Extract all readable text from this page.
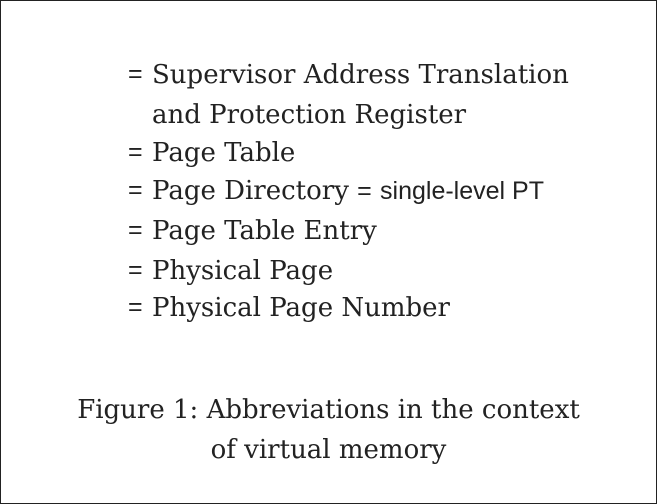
= Supervisor Address Translation
and Protection Register
= Page Table
= Page Directory = single-level PT
= Page Table Entry
= Physical Page
= Physical Page Number
Figure 1: Abbreviations in the context
of virtual memory
